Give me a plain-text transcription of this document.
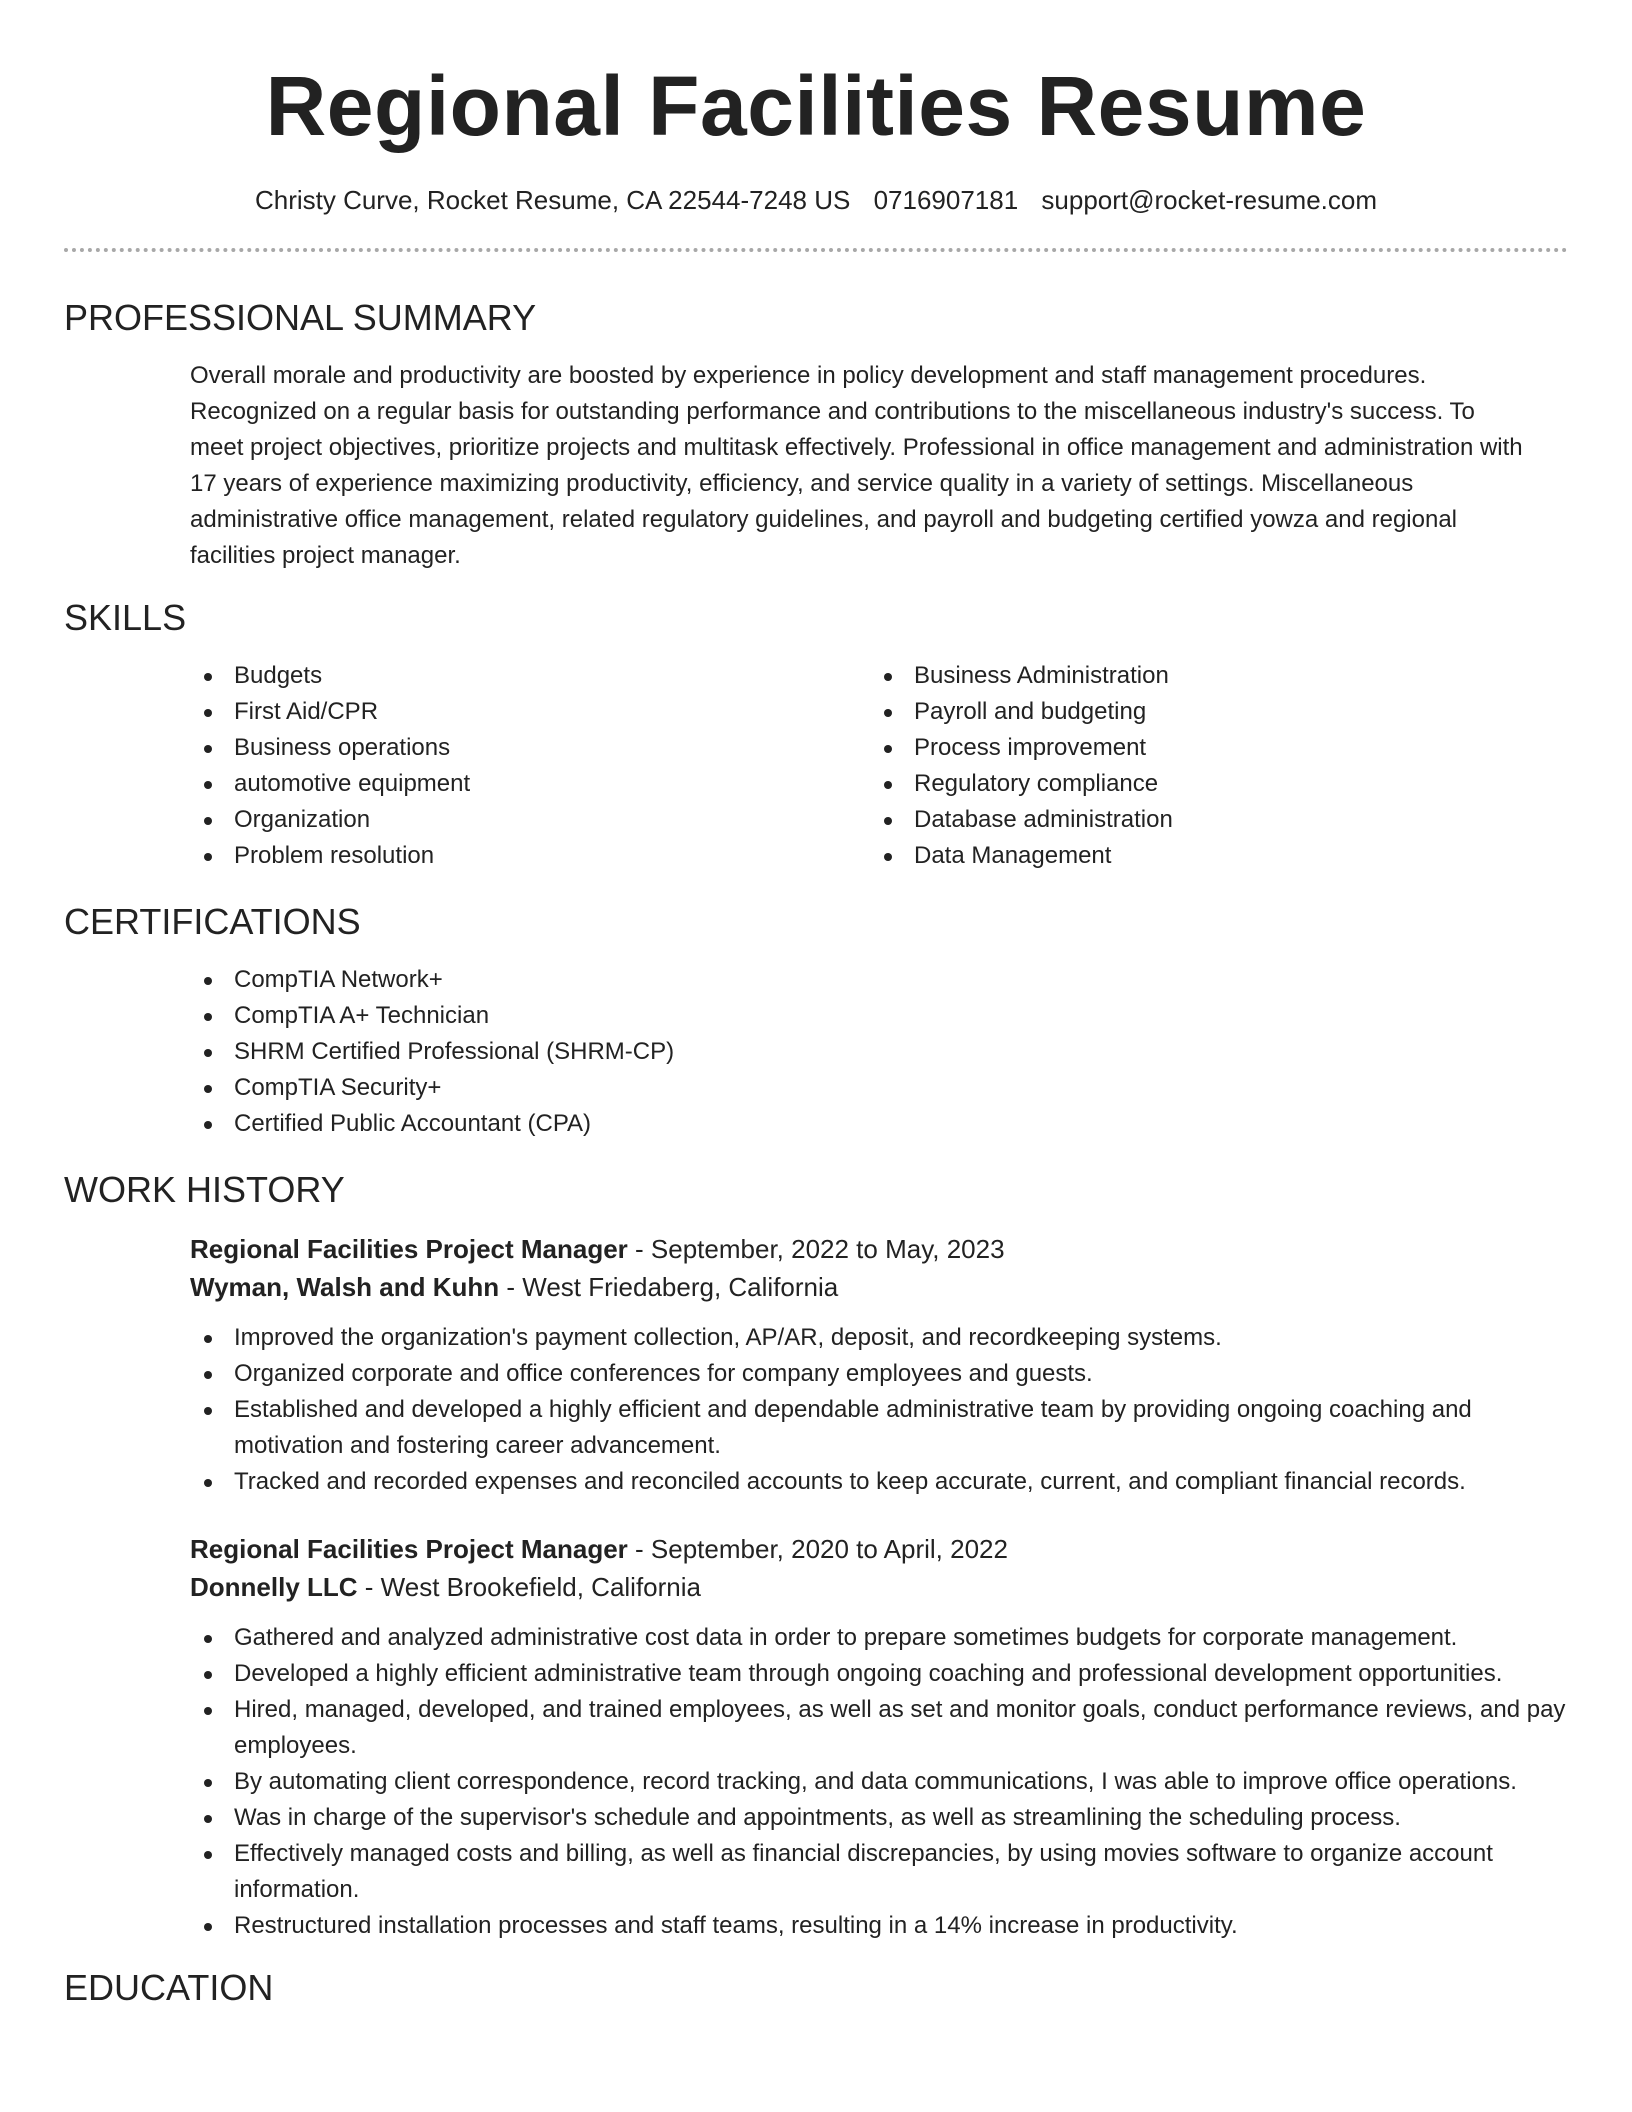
Regional Facilities Resume
Christy Curve, Rocket Resume, CA 22544-7248 US 0716907181 support@rocket-resume.com
PROFESSIONAL SUMMARY

Overall morale and productivity are boosted by experience in policy development and staff management procedures. Recognized on a regular basis for outstanding performance and contributions to the miscellaneous industry's success. To meet project objectives, prioritize projects and multitask effectively. Professional in office management and administration with 17 years of experience maximizing productivity, efficiency, and service quality in a variety of settings. Miscellaneous administrative office management, related regulatory guidelines, and payroll and budgeting certified yowza and regional facilities project manager.

SKILLS
Budgets
First Aid/CPR
Business operations
automotive equipment
Organization
Problem resolution
Business Administration
Payroll and budgeting
Process improvement
Regulatory compliance
Database administration
Data Management
CERTIFICATIONS
CompTIA Network+
CompTIA A+ Technician
SHRM Certified Professional (SHRM-CP)
CompTIA Security+
Certified Public Accountant (CPA)
WORK HISTORY
Regional Facilities Project Manager - September, 2022 to May, 2023
Wyman, Walsh and Kuhn - West Friedaberg, California
Improved the organization's payment collection, AP/AR, deposit, and recordkeeping systems.
Organized corporate and office conferences for company employees and guests.
Established and developed a highly efficient and dependable administrative team by providing ongoing coaching and motivation and fostering career advancement.
Tracked and recorded expenses and reconciled accounts to keep accurate, current, and compliant financial records.
Regional Facilities Project Manager - September, 2020 to April, 2022
Donnelly LLC - West Brookefield, California
Gathered and analyzed administrative cost data in order to prepare sometimes budgets for corporate management.
Developed a highly efficient administrative team through ongoing coaching and professional development opportunities.
Hired, managed, developed, and trained employees, as well as set and monitor goals, conduct performance reviews, and pay employees.
By automating client correspondence, record tracking, and data communications, I was able to improve office operations.
Was in charge of the supervisor's schedule and appointments, as well as streamlining the scheduling process.
Effectively managed costs and billing, as well as financial discrepancies, by using movies software to organize account information.
Restructured installation processes and staff teams, resulting in a 14% increase in productivity.
EDUCATION
